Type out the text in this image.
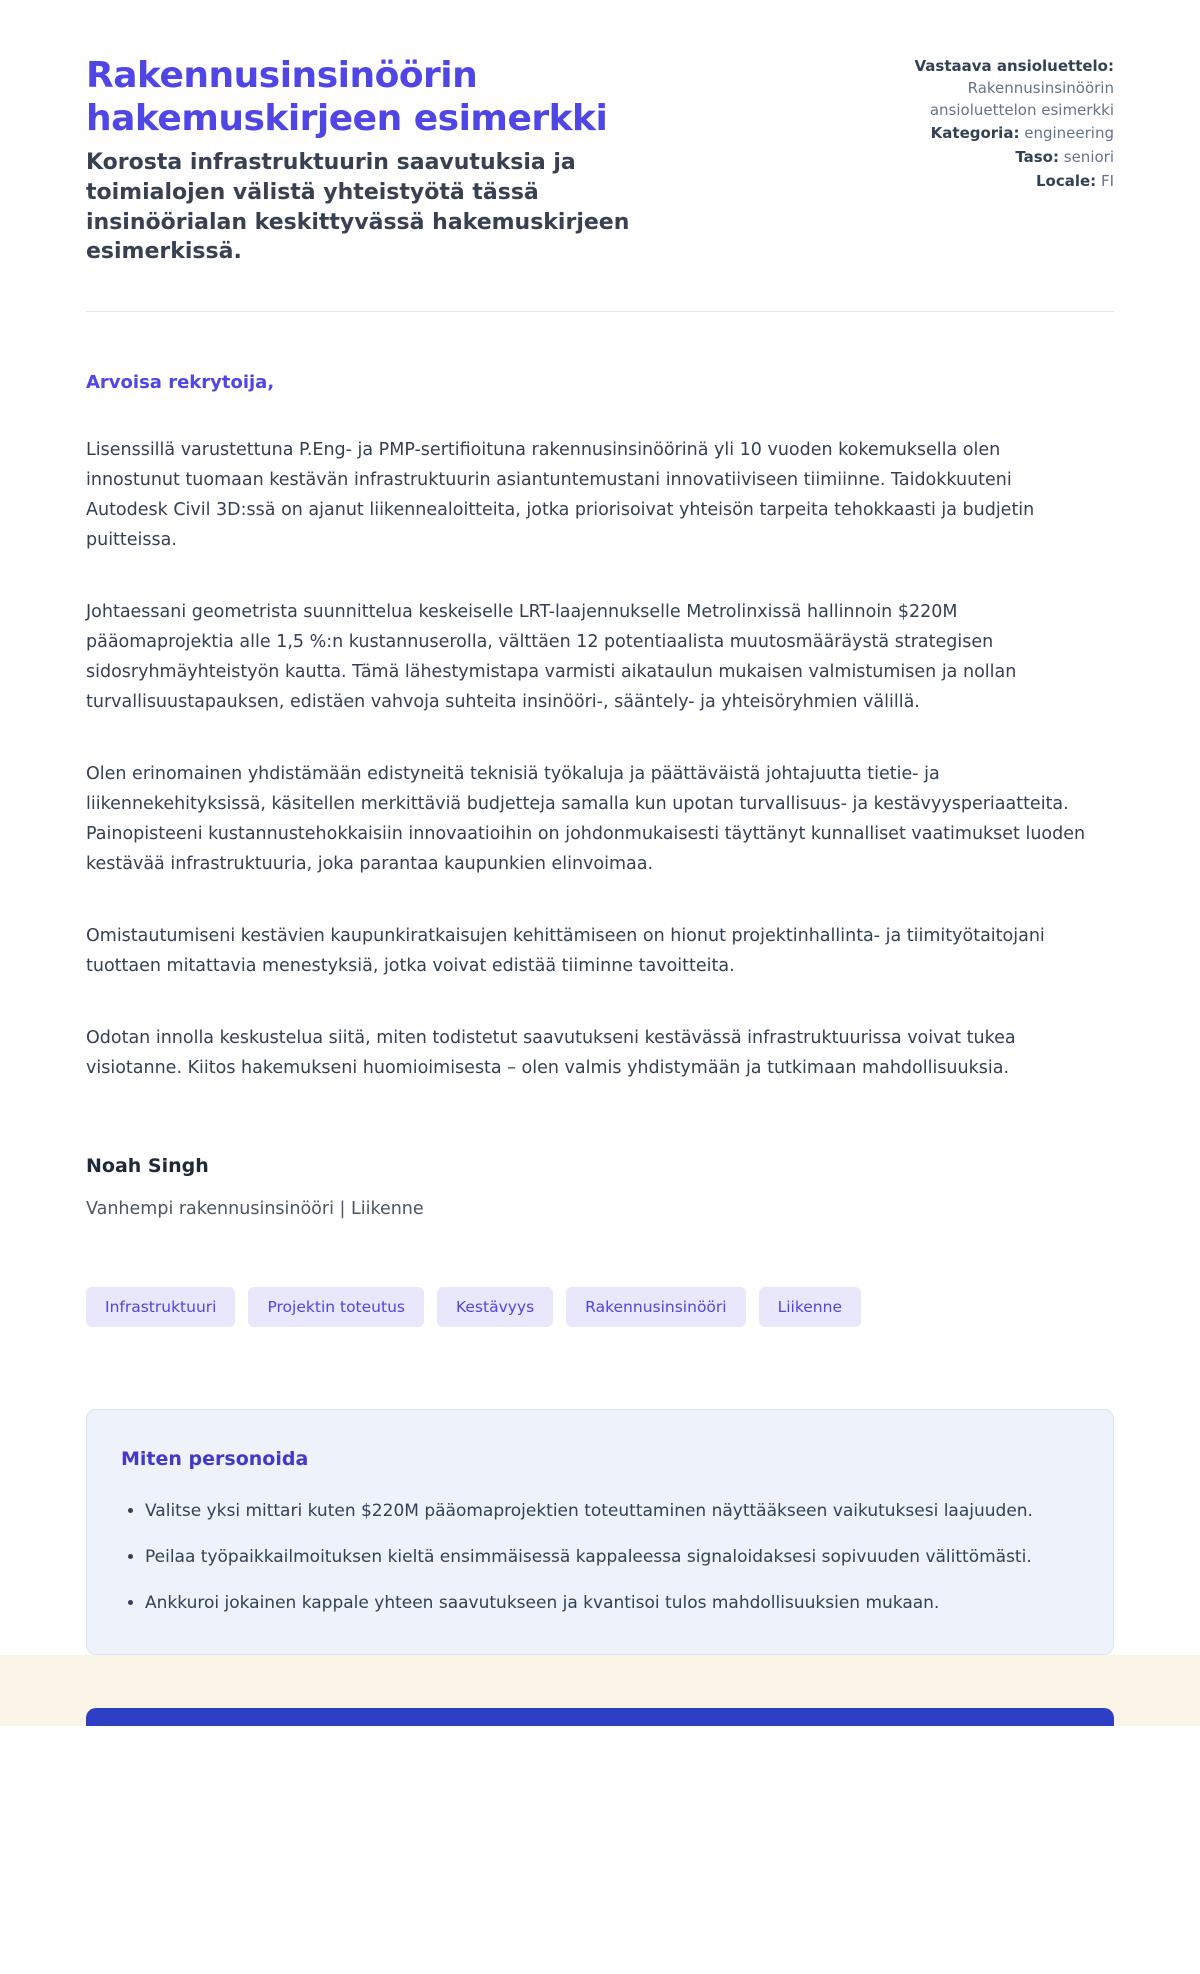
Rakennusinsinöörin hakemuskirjeen esimerkki
Korosta infrastruktuurin saavutuksia ja toimialojen välistä yhteistyötä tässä insinöörialan keskittyvässä hakemuskirjeen esimerkissä.
Vastaava ansioluettelo: Rakennusinsinöörin ansioluettelon esimerkki
Kategoria: engineering
Taso: seniori
Locale: FI
Arvoisa rekrytoija,

Lisenssillä varustettuna P.Eng- ja PMP-sertifioituna rakennusinsinöörinä yli 10 vuoden kokemuksella olen innostunut tuomaan kestävän infrastruktuurin asiantuntemustani innovatiiviseen tiimiinne. Taidokkuuteni Autodesk Civil 3D:ssä on ajanut liikennealoitteita, jotka priorisoivat yhteisön tarpeita tehokkaasti ja budjetin puitteissa.

Johtaessani geometrista suunnittelua keskeiselle LRT-laajennukselle Metrolinxissä hallinnoin $220M pääomaprojektia alle 1,5 %:n kustannuserolla, välttäen 12 potentiaalista muutosmääräystä strategisen sidosryhmäyhteistyön kautta. Tämä lähestymistapa varmisti aikataulun mukaisen valmistumisen ja nollan turvallisuustapauksen, edistäen vahvoja suhteita insinööri-, sääntely- ja yhteisöryhmien välillä.

Olen erinomainen yhdistämään edistyneitä teknisiä työkaluja ja päättäväistä johtajuutta tietie- ja liikennekehityksissä, käsitellen merkittäviä budjetteja samalla kun upotan turvallisuus- ja kestävyysperiaatteita. Painopisteeni kustannustehokkaisiin innovaatioihin on johdonmukaisesti täyttänyt kunnalliset vaatimukset luoden kestävää infrastruktuuria, joka parantaa kaupunkien elinvoimaa.

Omistautumiseni kestävien kaupunkiratkaisujen kehittämiseen on hionut projektinhallinta- ja tiimityötaitojani tuottaen mitattavia menestyksiä, jotka voivat edistää tiiminne tavoitteita.

Odotan innolla keskustelua siitä, miten todistetut saavutukseni kestävässä infrastruktuurissa voivat tukea visiotanne. Kiitos hakemukseni huomioimisesta – olen valmis yhdistymään ja tutkimaan mahdollisuuksia.

Noah Singh
Vanhempi rakennusinsinööri | Liikenne
Infrastruktuuri	Projektin toteutus	Kestävyys	Rakennusinsinööri	Liikenne
Miten personoida
• Valitse yksi mittari kuten $220M pääomaprojektien toteuttaminen näyttääkseen vaikutuksesi laajuuden.
• Peilaa työpaikkailmoituksen kieltä ensimmäisessä kappaleessa signaloidaksesi sopivuuden välittömästi.
• Ankkuroi jokainen kappale yhteen saavutukseen ja kvantisoi tulos mahdollisuuksien mukaan.
